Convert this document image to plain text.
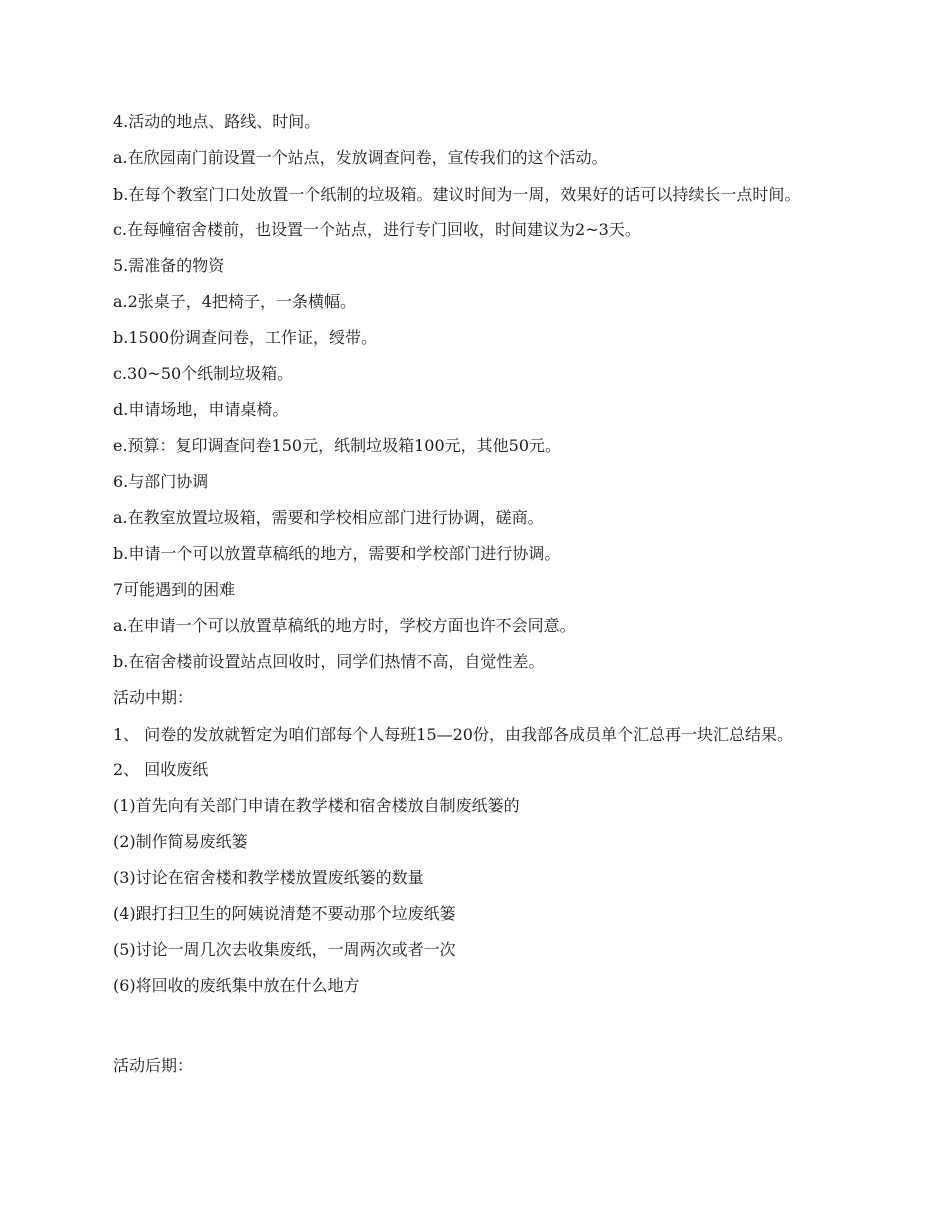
4.活动的地点、路线、时间。

a.在欣园南门前设置一个站点，发放调查问卷，宣传我们的这个活动。

b.在每个教室门口处放置一个纸制的垃圾箱。建议时间为一周，效果好的话可以持续长一点时间。

c.在每幢宿舍楼前，也设置一个站点，进行专门回收，时间建议为2~3天。

5.需准备的物资

a.2张桌子，4把椅子，一条横幅。

b.1500份调查问卷，工作证，绶带。

c.30~50个纸制垃圾箱。

d.申请场地，申请桌椅。

e.预算：复印调查问卷150元，纸制垃圾箱100元，其他50元。

6.与部门协调

a.在教室放置垃圾箱，需要和学校相应部门进行协调，磋商。

b.申请一个可以放置草稿纸的地方，需要和学校部门进行协调。

7可能遇到的困难

a.在申请一个可以放置草稿纸的地方时，学校方面也许不会同意。

b.在宿舍楼前设置站点回收时，同学们热情不高，自觉性差。

活动中期：

1、 问卷的发放就暂定为咱们部每个人每班15—20份，由我部各成员单个汇总再一块汇总结果。

2、 回收废纸

(1)首先向有关部门申请在教学楼和宿舍楼放自制废纸篓的

(2)制作简易废纸篓

(3)讨论在宿舍楼和教学楼放置废纸篓的数量

(4)跟打扫卫生的阿姨说清楚不要动那个垃废纸篓

(5)讨论一周几次去收集废纸，一周两次或者一次

(6)将回收的废纸集中放在什么地方

活动后期：
